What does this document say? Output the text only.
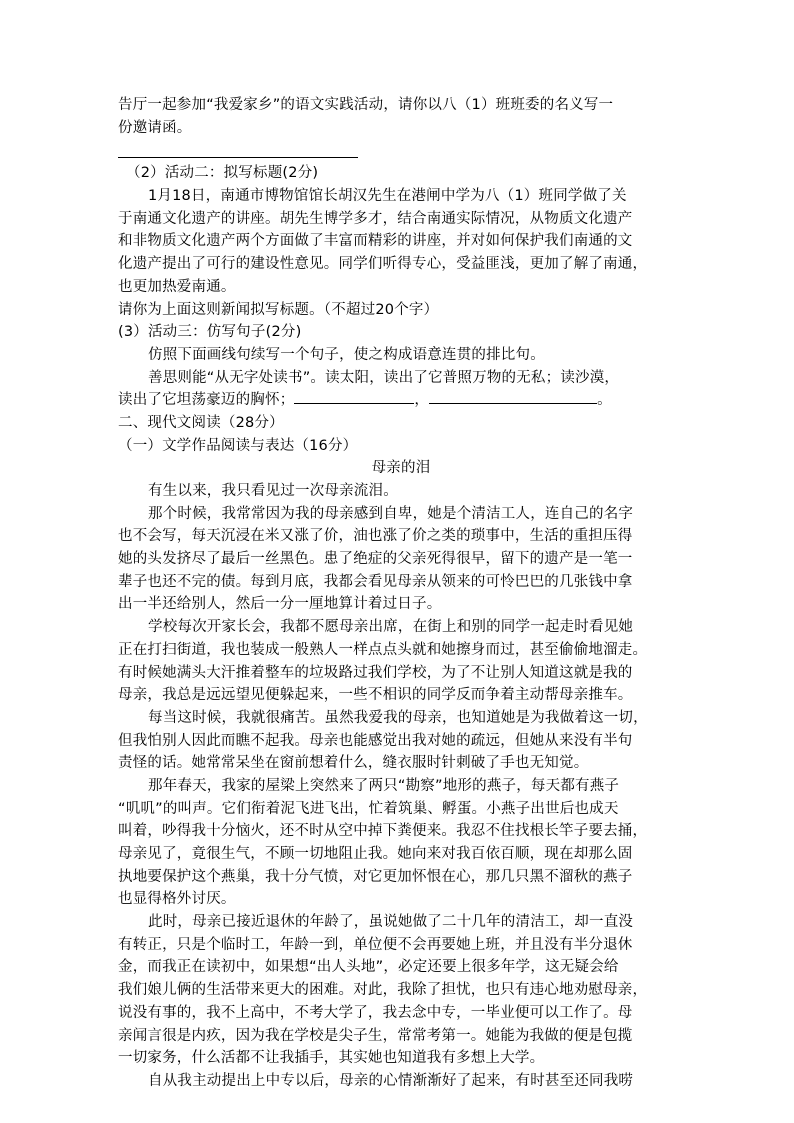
告厅一起参加“我爱家乡”的语文实践活动，请你以八（1）班班委的名义写一
份邀请函。
（2）活动二：拟写标题(2分)
1月18日，南通市博物馆馆长胡汉先生在港闸中学为八（1）班同学做了关
于南通文化遗产的讲座。胡先生博学多才，结合南通实际情况，从物质文化遗产
和非物质文化遗产两个方面做了丰富而精彩的讲座，并对如何保护我们南通的文
化遗产提出了可行的建设性意见。同学们听得专心，受益匪浅，更加了解了南通，
也更加热爱南通。
请你为上面这则新闻拟写标题。（不超过20个字）
(3）活动三：仿写句子(2分)
仿照下面画线句续写一个句子，使之构成语意连贯的排比句。
善思则能“从无字处读书”。读太阳，读出了它普照万物的无私；读沙漠，
读出了它坦荡豪迈的胸怀；	，	。
二、现代文阅读（28分）
（一）文学作品阅读与表达（16分）
母亲的泪
有生以来，我只看见过一次母亲流泪。
那个时候，我常常因为我的母亲感到自卑，她是个清洁工人，连自己的名字
也不会写，每天沉浸在米又涨了价，油也涨了价之类的琐事中，生活的重担压得
她的头发挤尽了最后一丝黑色。患了绝症的父亲死得很早，留下的遗产是一笔一
辈子也还不完的债。每到月底，我都会看见母亲从领来的可怜巴巴的几张钱中拿
出一半还给别人，然后一分一厘地算计着过日子。
学校每次开家长会，我都不愿母亲出席，在街上和别的同学一起走时看见她
正在打扫街道，我也装成一般熟人一样点点头就和她擦身而过，甚至偷偷地溜走。
有时候她满头大汗推着整车的垃圾路过我们学校，为了不让别人知道这就是我的
母亲，我总是远远望见便躲起来，一些不相识的同学反而争着主动帮母亲推车。
每当这时候，我就很痛苦。虽然我爱我的母亲，也知道她是为我做着这一切，
但我怕别人因此而瞧不起我。母亲也能感觉出我对她的疏远，但她从来没有半句
责怪的话。她常常呆坐在窗前想着什么，缝衣服时针刺破了手也无知觉。
那年春天，我家的屋梁上突然来了两只“勘察”地形的燕子，每天都有燕子
“叽叽”的叫声。它们衔着泥飞进飞出，忙着筑巢、孵蛋。小燕子出世后也成天
叫着，吵得我十分恼火，还不时从空中掉下粪便来。我忍不住找根长竿子要去捅，
母亲见了，竟很生气，不顾一切地阻止我。她向来对我百依百顺，现在却那么固
执地要保护这个燕巢，我十分气愤，对它更加怀恨在心，那几只黑不溜秋的燕子
也显得格外讨厌。
此时，母亲已接近退休的年龄了，虽说她做了二十几年的清洁工，却一直没
有转正，只是个临时工，年龄一到，单位便不会再要她上班，并且没有半分退休
金，而我正在读初中，如果想“出人头地”，必定还要上很多年学，这无疑会给
我们娘儿俩的生活带来更大的困难。对此，我除了担忧，也只有违心地劝慰母亲，
说没有事的，我不上高中，不考大学了，我去念中专，一毕业便可以工作了。母
亲闻言很是内疚，因为我在学校是尖子生，常常考第一。她能为我做的便是包揽
一切家务，什么活都不让我插手，其实她也知道我有多想上大学。
自从我主动提出上中专以后，母亲的心情渐渐好了起来，有时甚至还同我唠
